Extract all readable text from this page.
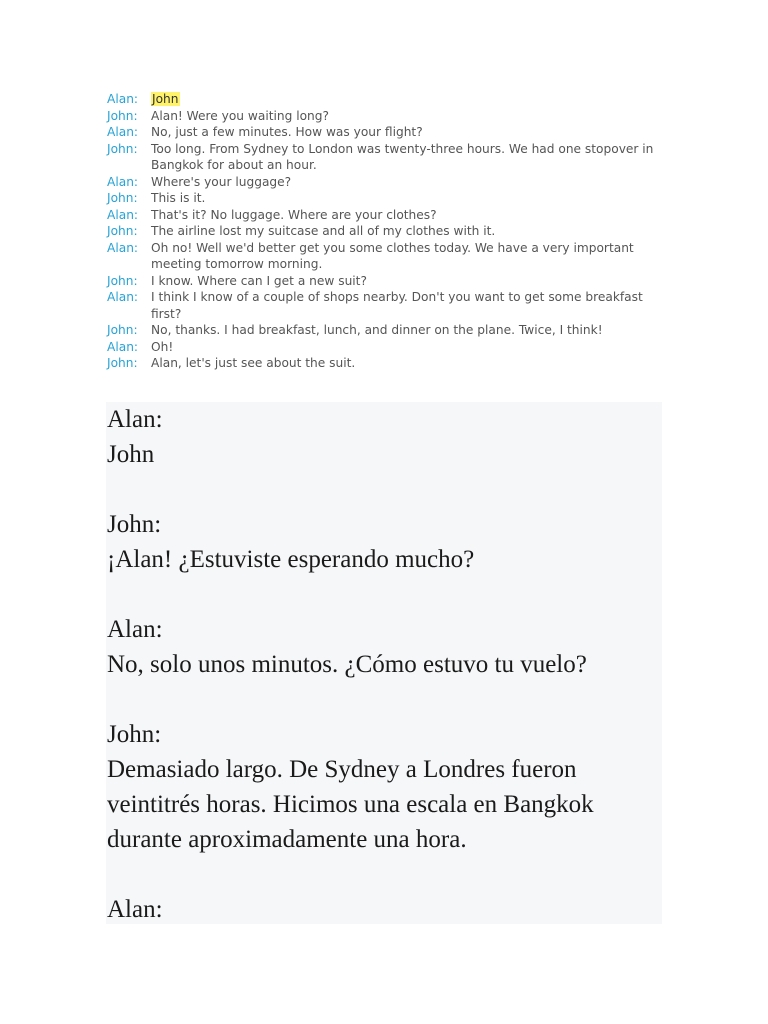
Alan:	John
John:	Alan! Were you waiting long?
Alan:	No, just a few minutes. How was your flight?
John:	Too long. From Sydney to London was twenty-three hours. We had one stopover in Bangkok for about an hour.
Alan:	Where's your luggage?
John:	This is it.
Alan:	That's it? No luggage. Where are your clothes?
John:	The airline lost my suitcase and all of my clothes with it.
Alan:	Oh no! Well we'd better get you some clothes today. We have a very important meeting tomorrow morning.
John:	I know. Where can I get a new suit?
Alan:	I think I know of a couple of shops nearby. Don't you want to get some breakfast first?
John:	No, thanks. I had breakfast, lunch, and dinner on the plane. Twice, I think!
Alan:	Oh!
John:	Alan, let's just see about the suit.
Alan:
John
John:
¡Alan! ¿Estuviste esperando mucho?
Alan:
No, solo unos minutos. ¿Cómo estuvo tu vuelo?
John:
Demasiado largo. De Sydney a Londres fueron veintitrés horas. Hicimos una escala en Bangkok durante aproximadamente una hora.
Alan:
